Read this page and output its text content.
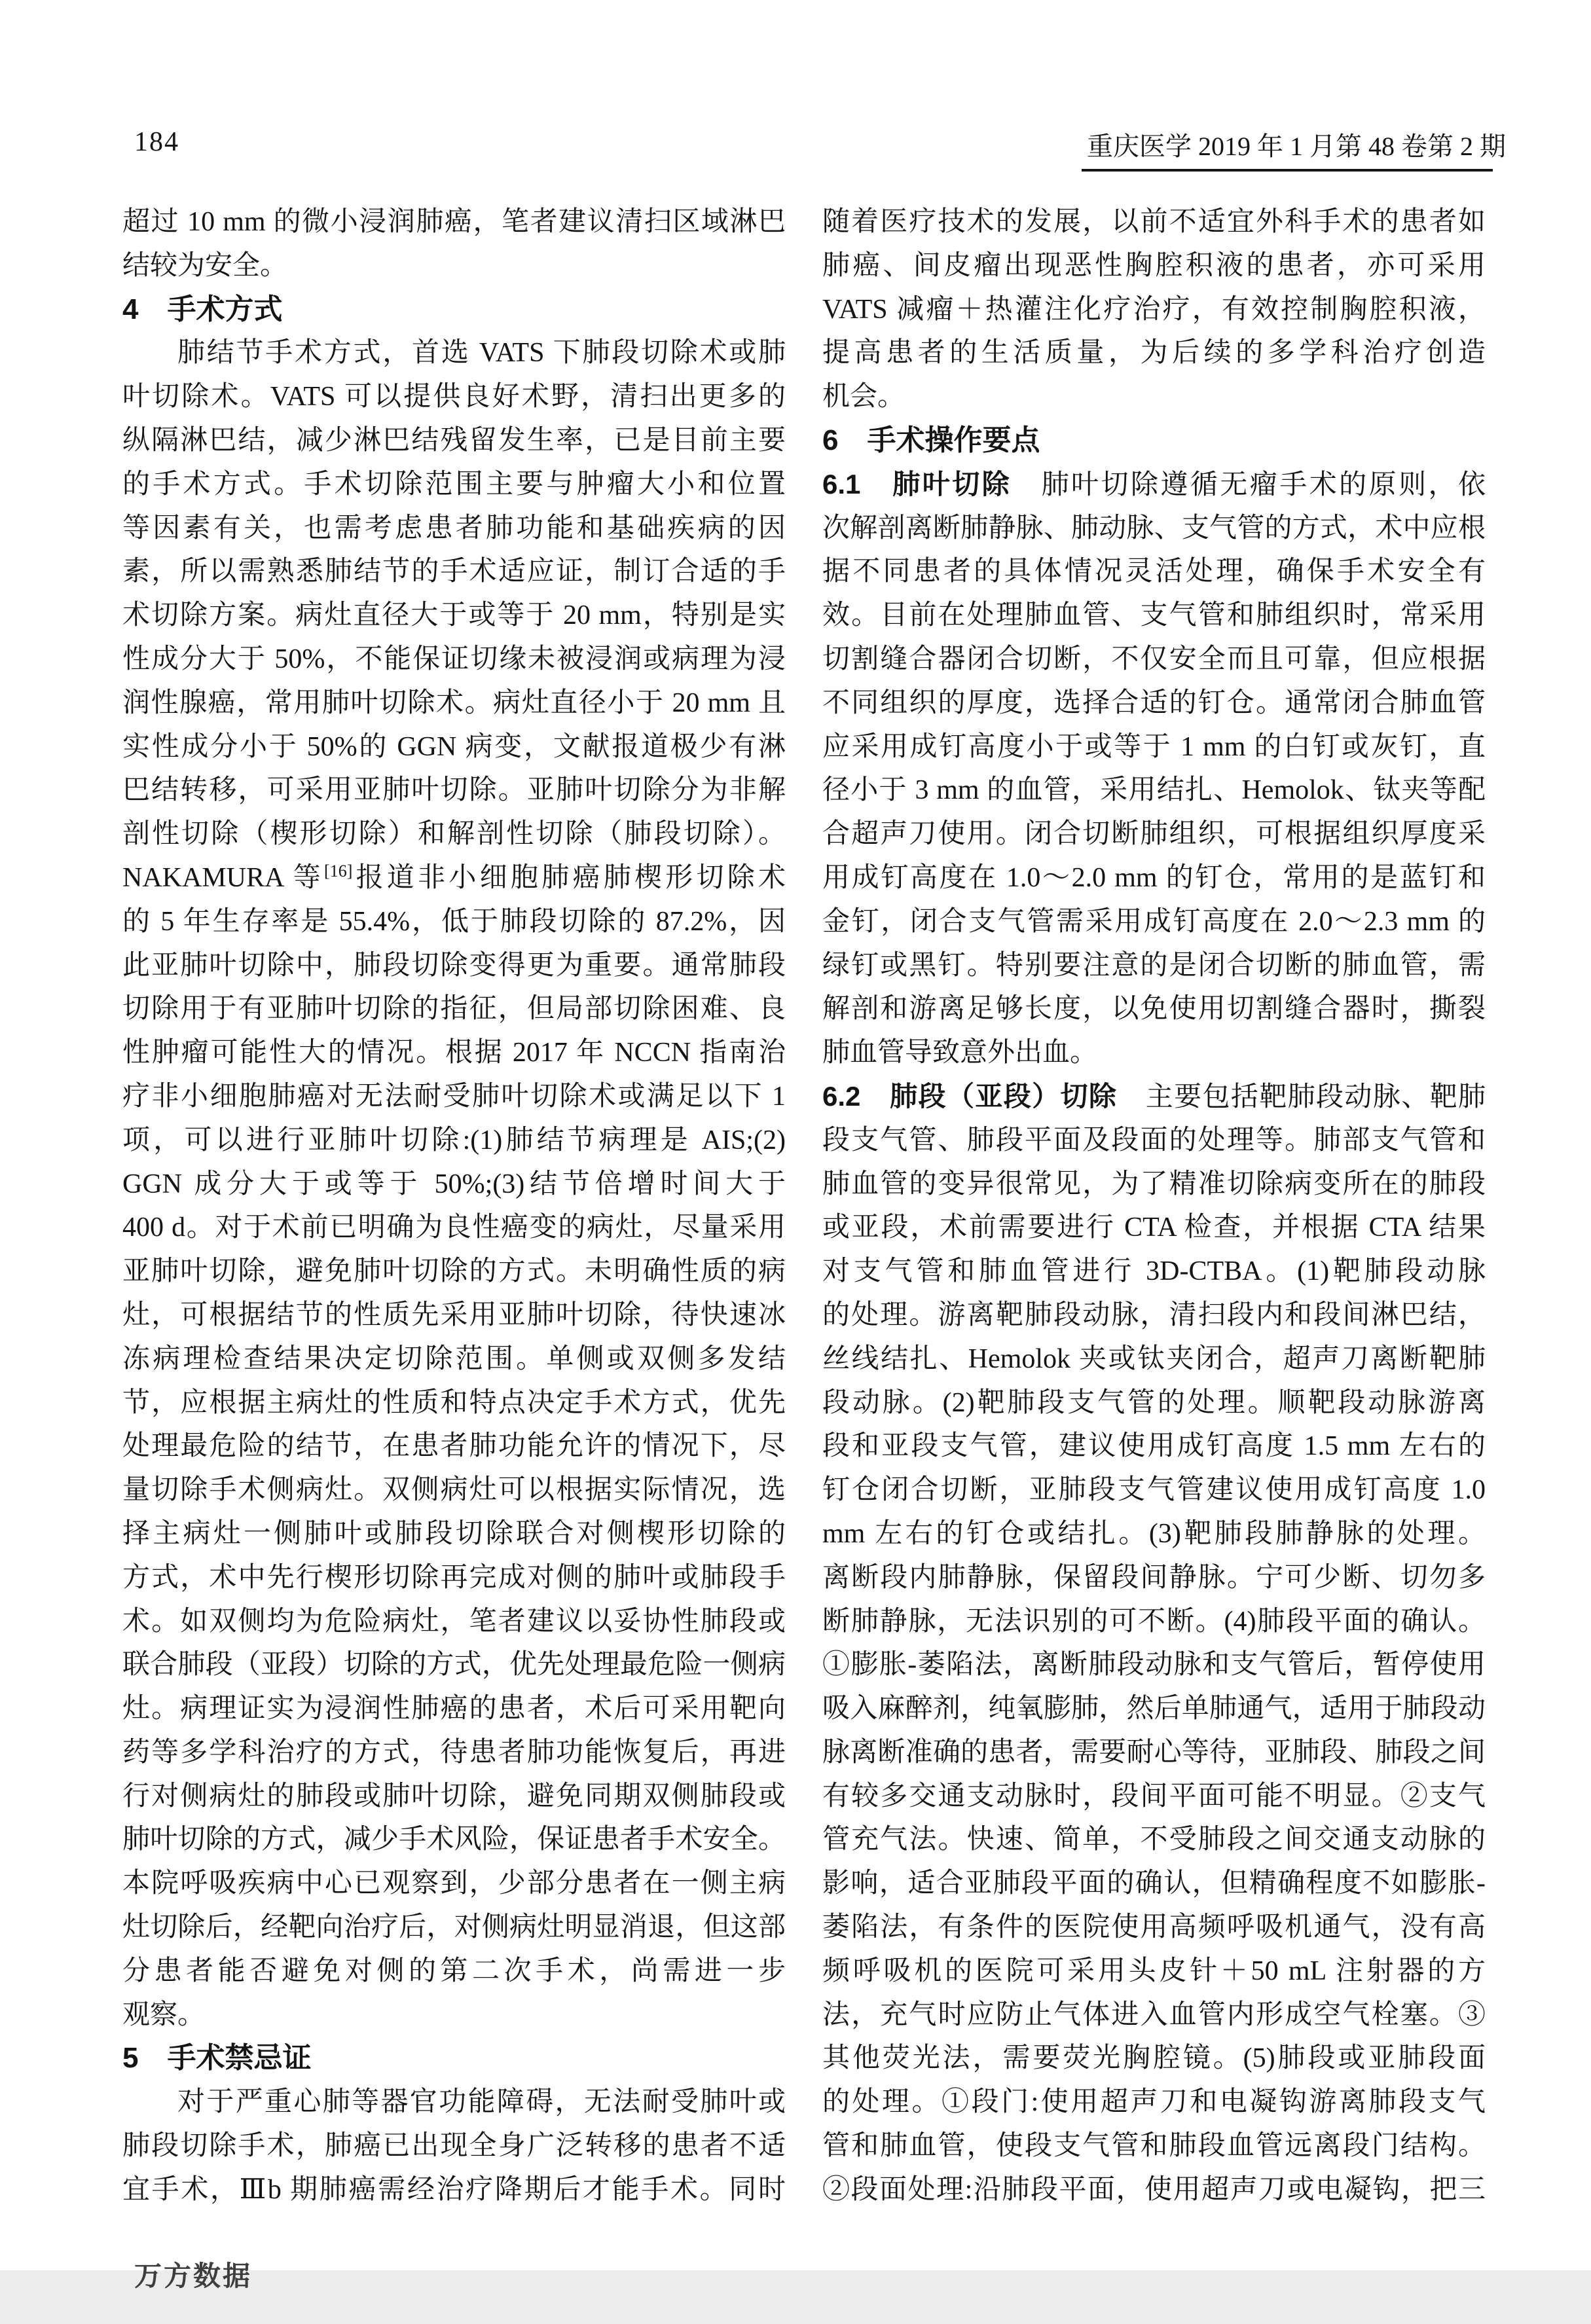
184	重庆医学 2019 年 1 月第 48 卷第 2 期
超过 10 mm 的微小浸润肺癌，笔者建议清扫区域淋巴
结较为安全。
4　手术方式
肺结节手术方式，首选 VATS 下肺段切除术或肺
叶切除术。VATS 可以提供良好术野，清扫出更多的
纵隔淋巴结，减少淋巴结残留发生率，已是目前主要
的手术方式。手术切除范围主要与肿瘤大小和位置
等因素有关，也需考虑患者肺功能和基础疾病的因
素，所以需熟悉肺结节的手术适应证，制订合适的手
术切除方案。病灶直径大于或等于 20 mm，特别是实
性成分大于 50%，不能保证切缘未被浸润或病理为浸
润性腺癌，常用肺叶切除术。病灶直径小于 20 mm 且
实性成分小于 50%的 GGN 病变，文献报道极少有淋
巴结转移，可采用亚肺叶切除。亚肺叶切除分为非解
剖性切除（楔形切除）和解剖性切除（肺段切除）。
NAKAMURA 等[16]报道非小细胞肺癌肺楔形切除术
的 5 年生存率是 55.4%，低于肺段切除的 87.2%，因
此亚肺叶切除中，肺段切除变得更为重要。通常肺段
切除用于有亚肺叶切除的指征，但局部切除困难、良
性肿瘤可能性大的情况。根据 2017 年 NCCN 指南治
疗非小细胞肺癌对无法耐受肺叶切除术或满足以下 1
项，可以进行亚肺叶切除:(1)肺结节病理是 AIS;(2)
GGN 成分大于或等于 50%;(3)结节倍增时间大于
400 d。对于术前已明确为良性癌变的病灶，尽量采用
亚肺叶切除，避免肺叶切除的方式。未明确性质的病
灶，可根据结节的性质先采用亚肺叶切除，待快速冰
冻病理检查结果决定切除范围。单侧或双侧多发结
节，应根据主病灶的性质和特点决定手术方式，优先
处理最危险的结节，在患者肺功能允许的情况下，尽
量切除手术侧病灶。双侧病灶可以根据实际情况，选
择主病灶一侧肺叶或肺段切除联合对侧楔形切除的
方式，术中先行楔形切除再完成对侧的肺叶或肺段手
术。如双侧均为危险病灶，笔者建议以妥协性肺段或
联合肺段（亚段）切除的方式，优先处理最危险一侧病
灶。病理证实为浸润性肺癌的患者，术后可采用靶向
药等多学科治疗的方式，待患者肺功能恢复后，再进
行对侧病灶的肺段或肺叶切除，避免同期双侧肺段或
肺叶切除的方式，减少手术风险，保证患者手术安全。
本院呼吸疾病中心已观察到，少部分患者在一侧主病
灶切除后，经靶向治疗后，对侧病灶明显消退，但这部
分患者能否避免对侧的第二次手术，尚需进一步
观察。
5　手术禁忌证
对于严重心肺等器官功能障碍，无法耐受肺叶或
肺段切除手术，肺癌已出现全身广泛转移的患者不适
宜手术，Ⅲb 期肺癌需经治疗降期后才能手术。同时
随着医疗技术的发展，以前不适宜外科手术的患者如
肺癌、间皮瘤出现恶性胸腔积液的患者，亦可采用
VATS 减瘤＋热灌注化疗治疗，有效控制胸腔积液，
提高患者的生活质量，为后续的多学科治疗创造
机会。
6　手术操作要点
6.1　肺叶切除　肺叶切除遵循无瘤手术的原则，依
次解剖离断肺静脉、肺动脉、支气管的方式，术中应根
据不同患者的具体情况灵活处理，确保手术安全有
效。目前在处理肺血管、支气管和肺组织时，常采用
切割缝合器闭合切断，不仅安全而且可靠，但应根据
不同组织的厚度，选择合适的钉仓。通常闭合肺血管
应采用成钉高度小于或等于 1 mm 的白钉或灰钉，直
径小于 3 mm 的血管，采用结扎、Hemolok、钛夹等配
合超声刀使用。闭合切断肺组织，可根据组织厚度采
用成钉高度在 1.0～2.0 mm 的钉仓，常用的是蓝钉和
金钉，闭合支气管需采用成钉高度在 2.0～2.3 mm 的
绿钉或黑钉。特别要注意的是闭合切断的肺血管，需
解剖和游离足够长度，以免使用切割缝合器时，撕裂
肺血管导致意外出血。
6.2　肺段（亚段）切除　主要包括靶肺段动脉、靶肺
段支气管、肺段平面及段面的处理等。肺部支气管和
肺血管的变异很常见，为了精准切除病变所在的肺段
或亚段，术前需要进行 CTA 检查，并根据 CTA 结果
对支气管和肺血管进行 3D-CTBA。(1)靶肺段动脉
的处理。游离靶肺段动脉，清扫段内和段间淋巴结，
丝线结扎、Hemolok 夹或钛夹闭合，超声刀离断靶肺
段动脉。(2)靶肺段支气管的处理。顺靶段动脉游离
段和亚段支气管，建议使用成钉高度 1.5 mm 左右的
钉仓闭合切断，亚肺段支气管建议使用成钉高度 1.0
mm 左右的钉仓或结扎。(3)靶肺段肺静脉的处理。
离断段内肺静脉，保留段间静脉。宁可少断、切勿多
断肺静脉，无法识别的可不断。(4)肺段平面的确认。
①膨胀-萎陷法，离断肺段动脉和支气管后，暂停使用
吸入麻醉剂，纯氧膨肺，然后单肺通气，适用于肺段动
脉离断准确的患者，需要耐心等待，亚肺段、肺段之间
有较多交通支动脉时，段间平面可能不明显。②支气
管充气法。快速、简单，不受肺段之间交通支动脉的
影响，适合亚肺段平面的确认，但精确程度不如膨胀-
萎陷法，有条件的医院使用高频呼吸机通气，没有高
频呼吸机的医院可采用头皮针＋50 mL 注射器的方
法，充气时应防止气体进入血管内形成空气栓塞。③
其他荧光法，需要荧光胸腔镜。(5)肺段或亚肺段面
的处理。①段门:使用超声刀和电凝钩游离肺段支气
管和肺血管，使段支气管和肺段血管远离段门结构。
②段面处理:沿肺段平面，使用超声刀或电凝钩，把三
万方数据
